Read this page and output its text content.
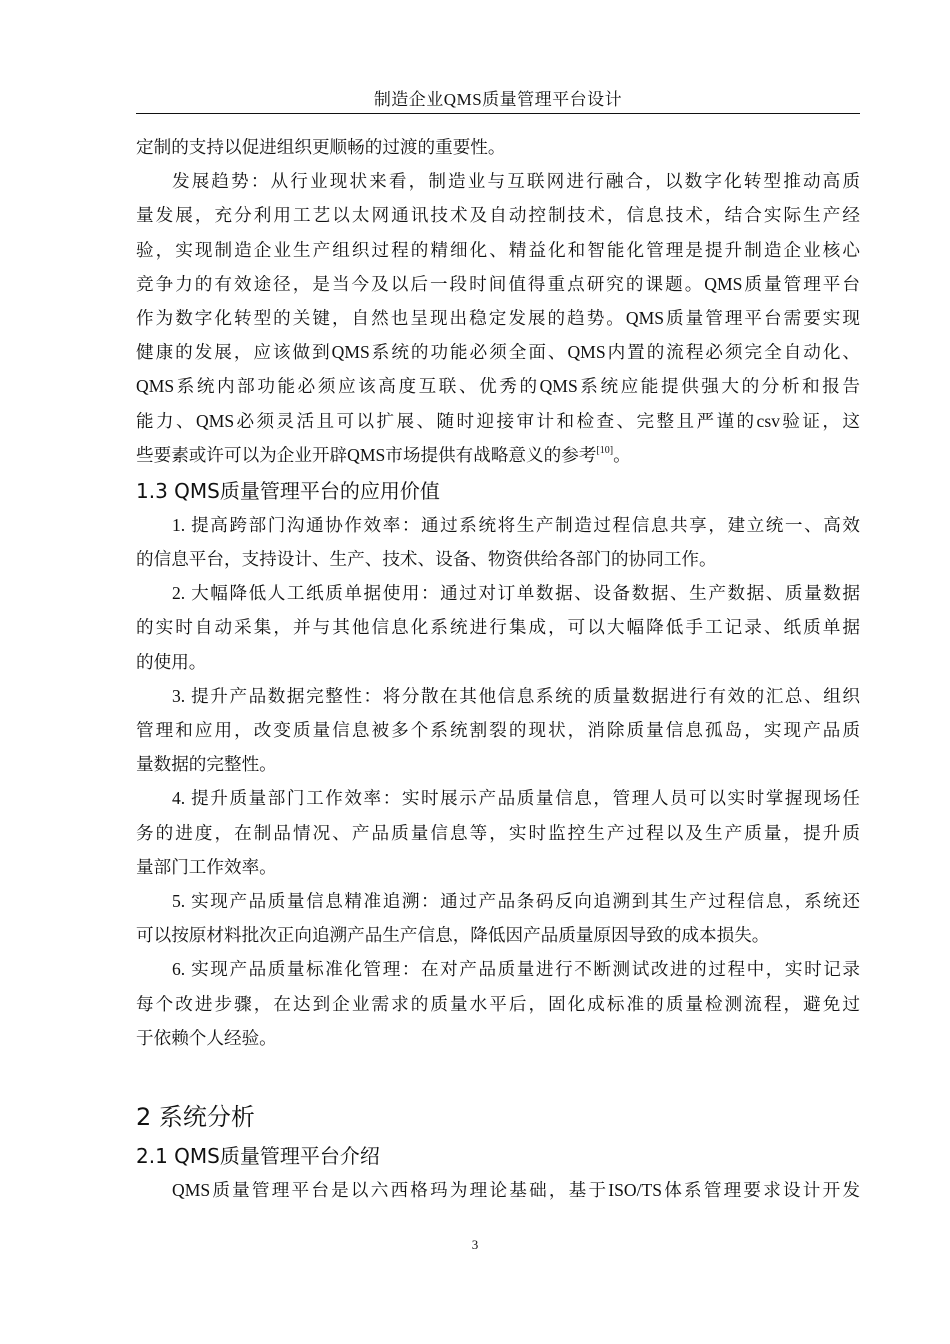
制造企业QMS质量管理平台设计
定制的支持以促进组织更顺畅的过渡的重要性。
发展趋势：从行业现状来看，制造业与互联网进行融合，以数字化转型推动高质
量发展，充分利用工艺以太网通讯技术及自动控制技术，信息技术，结合实际生产经
验，实现制造企业生产组织过程的精细化、精益化和智能化管理是提升制造企业核心
竞争力的有效途径，是当今及以后一段时间值得重点研究的课题。QMS质量管理平台
作为数字化转型的关键，自然也呈现出稳定发展的趋势。QMS质量管理平台需要实现
健康的发展，应该做到QMS系统的功能必须全面、QMS内置的流程必须完全自动化、
QMS系统内部功能必须应该高度互联、优秀的QMS系统应能提供强大的分析和报告
能力、QMS必须灵活且可以扩展、随时迎接审计和检查、完整且严谨的csv验证，这
些要素或许可以为企业开辟QMS市场提供有战略意义的参考[10]。
1.3 QMS质量管理平台的应用价值
1. 提高跨部门沟通协作效率：通过系统将生产制造过程信息共享，建立统一、高效
的信息平台，支持设计、生产、技术、设备、物资供给各部门的协同工作。
2. 大幅降低人工纸质单据使用：通过对订单数据、设备数据、生产数据、质量数据
的实时自动采集，并与其他信息化系统进行集成，可以大幅降低手工记录、纸质单据
的使用。
3. 提升产品数据完整性：将分散在其他信息系统的质量数据进行有效的汇总、组织
管理和应用，改变质量信息被多个系统割裂的现状，消除质量信息孤岛，实现产品质
量数据的完整性。
4. 提升质量部门工作效率：实时展示产品质量信息，管理人员可以实时掌握现场任
务的进度，在制品情况、产品质量信息等，实时监控生产过程以及生产质量，提升质
量部门工作效率。
5. 实现产品质量信息精准追溯：通过产品条码反向追溯到其生产过程信息，系统还
可以按原材料批次正向追溯产品生产信息，降低因产品质量原因导致的成本损失。
6. 实现产品质量标准化管理：在对产品质量进行不断测试改进的过程中，实时记录
每个改进步骤，在达到企业需求的质量水平后，固化成标准的质量检测流程，避免过
于依赖个人经验。
2 系统分析
2.1 QMS质量管理平台介绍
QMS质量管理平台是以六西格玛为理论基础，基于ISO/TS体系管理要求设计开发
3
